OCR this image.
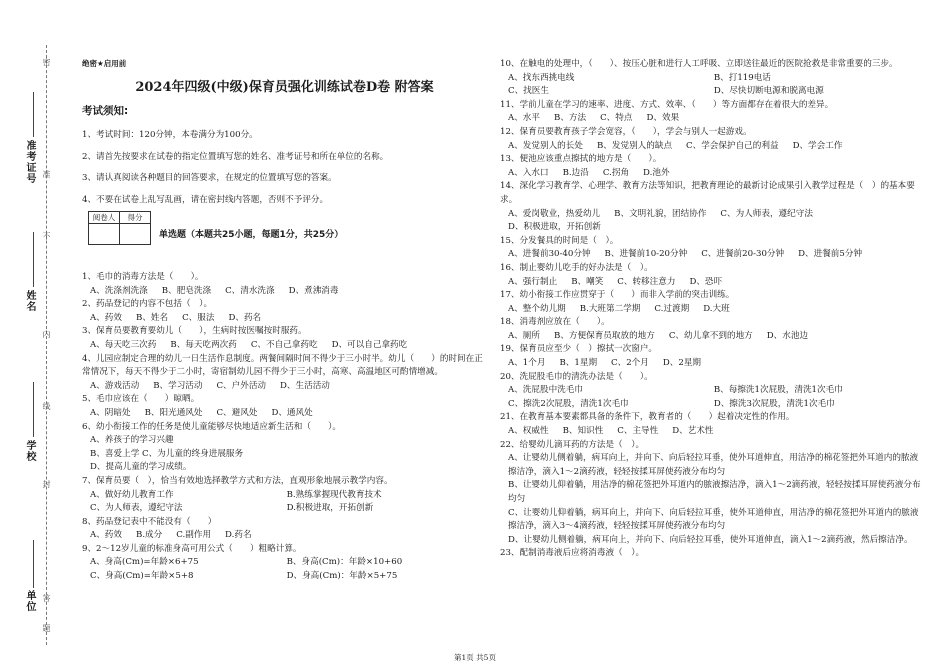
准考证号
姓名
学校
单位
密
封
线
内
不
准
答
题
绝密★启用前
2024年四级(中级)保育员强化训练试卷D卷 附答案
考试须知:
1、考试时间：120分钟，本卷满分为100分。
2、请首先按要求在试卷的指定位置填写您的姓名、准考证号和所在单位的名称。
3、请认真阅读各种题目的回答要求，在规定的位置填写您的答案。
4、不要在试卷上乱写乱画，请在密封线内答题，否则不予评分。
阅卷人	得分

单选题（本题共25小题，每题1分，共25分）
1、毛巾的消毒方法是（　　）。
A、洗涤剂洗涤 B、肥皂洗涤 C、清水洗涤 D、煮沸消毒
2、药品登记的内容不包括（　）。
A、药效 B、姓名 C、服法 D、药名
3、保育员要教育要幼儿（　　），生病时按医嘱按时服药。
A、每天吃三次药 B、每天吃两次药 C、不自己拿药吃 D、可以自己拿药吃
4、儿园应制定合理的幼儿一日生活作息制度。两餐间隔时间不得少于三小时半。幼儿（　　）的时间在正常情况下，每天不得少于二小时，寄宿制幼儿园不得少于三小时，高寒、高温地区可酌情增减。
A、游戏活动 B、学习活动 C、户外活动 D、生活活动
5、毛巾应该在（　　）晾晒。
A、阴暗处 B、阳光通风处 C、避风处 D、通风处
6、幼小衔接工作的任务是使儿童能够尽快地适应新生活和（　　）。
A、养孩子的学习兴趣
B、喜爱上学 C、为儿童的终身进展服务
D、提高儿童的学习成绩。
7、保育员要（　），恰当有效地选择教学方式和方法，直观形象地展示教学内容。
A、做好幼儿教育工作	B.熟练掌握现代教育技术
C、为人师表，遵纪守法	D.积极进取，开拓创新
8、药品登记表中不能没有（　　）
A、药效 B.成分 C.副作用 D.药名
9、2～12岁儿童的标准身高可用公式（　　）粗略计算。
A、身高(Cm)=年龄×6+75	B、身高(Cm)：年龄×10+60
C、身高(Cm)=年龄×5+8	D、身高(Cm)：年龄×5+75
10、在触电的处理中，（　　）、按压心脏和进行人工呼吸、立即送往最近的医院抢救是非常重要的三步。
A、找东西挑电线	B、打119电话
C、找医生	D、尽快切断电源和脱离电源
11、学前儿童在学习的速率、进度、方式、效率、（　　）等方面都存在着很大的差异。
A、水平 B、方法 C、特点 D、效果
12、保育员要教育孩子学会宽容，（　　），学会与别人一起游戏。
A、发觉别人的长处 B、发觉别人的缺点 C、学会保护自己的利益 D、学会工作
13、便池应该重点擦拭的地方是（　　）。
A、入水口 B.边沿 C.拐角 D.池外
14、深化学习教育学、心理学、教育方法等知识，把教育理论的最新讨论成果引入教学过程是（　）的基本要求。
A、爱岗敬业，热爱幼儿 B、文明礼貌，团结协作 C、为人师表，遵纪守法
D、积极进取，开拓创新
15、分发餐具的时间是（　）。
A、进餐前30-40分钟 B、进餐前10-20分钟 C、进餐前20-30分钟 D、进餐前5分钟
16、制止婴幼儿吃手的好办法是（　）。
A、强行制止 B、嘲笑 C、转移注意力 D、恐吓
17、幼小衔接工作应贯穿于（　　）而非入学前的突击训练。
A、整个幼儿期 B.大班第二学期 C.过渡期 D.大班
18、消毒剂应放在（　　）。
A、厕所 B、方便保育员取放的地方 C、幼儿拿不到的地方 D、水池边
19、保育员应至少（　）擦拭一次窗户。
A、1个月 B、1星期 C、2个月 D、2星期
20、洗屁股毛巾的清洗办法是（　　）。
A、洗屁股中洗毛巾	B、每擦洗1次屁股，清洗1次毛巾
C、擦洗2次屁股，清洗1次毛巾	D、擦洗3次屁股，清洗1次毛巾
21、在教育基本要素都具备的条件下，教育者的（　　）起着决定性的作用。
A、权威性 B、知识性 C、主导性 D、艺术性
22、给婴幼儿滴耳药的方法是（　）。
A、让婴幼儿侧着躺，病耳向上，并向下、向后轻拉耳垂，使外耳道伸直，用洁净的棉花签把外耳道内的脓液擦洁净，滴入1～2滴药液，轻轻按揉耳屏使药液分布均匀
B、让婴幼儿仰着躺，用洁净的棉花签把外耳道内的脓液擦洁净，滴入1～2滴药液，轻轻按揉耳屏使药液分布均匀
C、让婴幼儿仰着躺，病耳向上，并向下、向后轻拉耳垂，使外耳道伸直，用洁净的棉花签把外耳道内的脓液擦洁净，滴入3～4滴药液，轻轻按揉耳屏使药液分布均匀
D、让婴幼儿侧着躺，病耳向上，并向下、向后轻拉耳垂，使外耳道伸直，滴入1～2滴药液，然后擦洁净。
23、配制消毒液后应将消毒液（　）。
第1页 共5页
